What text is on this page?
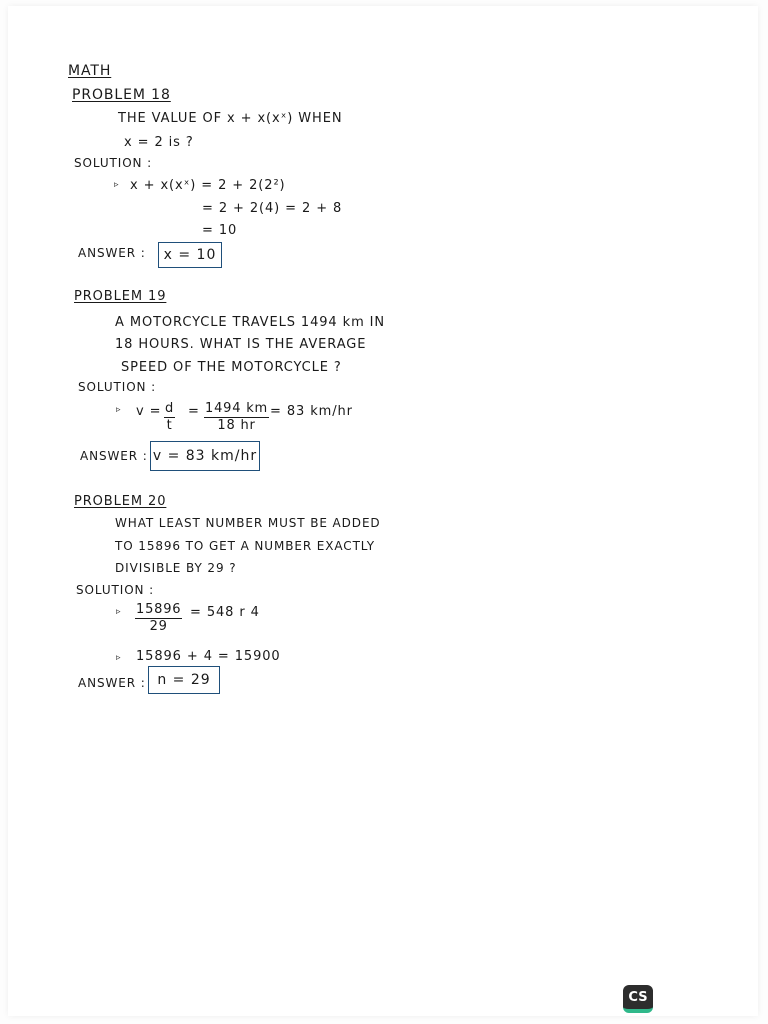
MATH
PROBLEM 18
THE VALUE OF x + x(xˣ) WHEN
x = 2 is ?
SOLUTION :
▹ x + x(xˣ) = 2 + 2(2²)
= 2 + 2(4) = 2 + 8
= 10
ANSWER :	x = 10
PROBLEM 19
A MOTORCYCLE TRAVELS 1494 km IN
18 HOURS. WHAT IS THE AVERAGE
SPEED OF THE MOTORCYCLE ?
SOLUTION :
▹ $v = \frac{d}{t} = \frac{1494 km}{18 hr} = 83$ km/hr
ANSWER : v = 83 km/hr
PROBLEM 20
WHAT LEAST NUMBER MUST BE ADDED
TO 15896 TO GET A NUMBER EXACTLY
DIVISIBLE BY 29 ?
SOLUTION :
▹ $\frac{15896}{29} = 548$ r 4
▹ 15896 + 4 = 15900
ANSWER : n = 29
CS
